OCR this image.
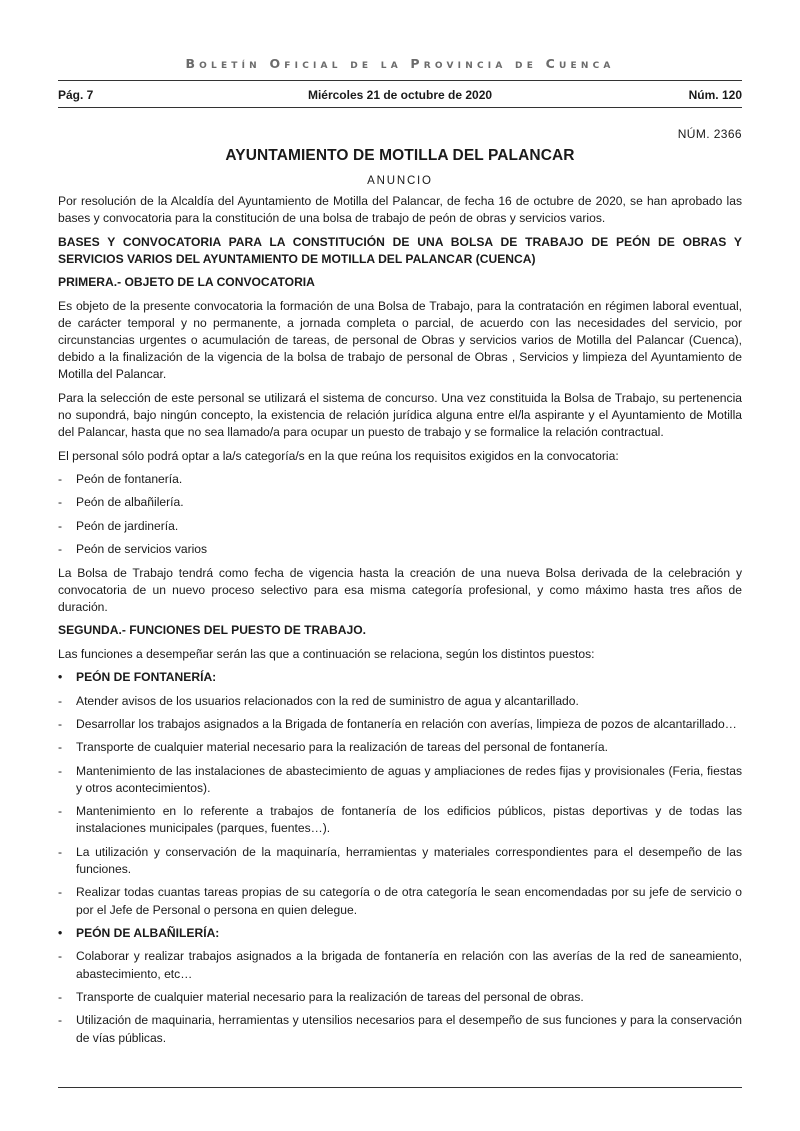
Boletín Oficial de la Provincia de Cuenca
Miércoles 21 de octubre de 2020
Pág. 7	Núm. 120
NÚM. 2366
AYUNTAMIENTO DE MOTILLA DEL PALANCAR
ANUNCIO

Por resolución de la Alcaldía del Ayuntamiento de Motilla del Palancar, de fecha 16 de octubre de 2020, se han aprobado las bases y convocatoria para la constitución de una bolsa de trabajo de peón de obras y servicios varios.

BASES Y CONVOCATORIA PARA LA CONSTITUCIÓN DE UNA BOLSA DE TRABAJO DE PEÓN DE OBRAS Y SERVICIOS VARIOS DEL AYUNTAMIENTO DE MOTILLA DEL PALANCAR (CUENCA)

PRIMERA.- OBJETO DE LA CONVOCATORIA

Es objeto de la presente convocatoria la formación de una Bolsa de Trabajo, para la contratación en régimen laboral eventual, de carácter temporal y no permanente, a jornada completa o parcial, de acuerdo con las necesidades del servicio, por circunstancias urgentes o acumulación de tareas, de personal de Obras y servicios varios de Motilla del Palancar (Cuenca), debido a la finalización de la vigencia de la bolsa de trabajo de personal de Obras , Servicios y limpieza del Ayuntamiento de Motilla del Palancar.

Para la selección de este personal se utilizará el sistema de concurso. Una vez constituida la Bolsa de Trabajo, su pertenencia no supondrá, bajo ningún concepto, la existencia de relación jurídica alguna entre el/la aspirante y el Ayuntamiento de Motilla del Palancar, hasta que no sea llamado/a para ocupar un puesto de trabajo y se formalice la relación contractual.

El personal sólo podrá optar a la/s categoría/s en la que reúna los requisitos exigidos en la convocatoria:

- Peón de fontanería.

- Peón de albañilería.

- Peón de jardinería.

- Peón de servicios varios

La Bolsa de Trabajo tendrá como fecha de vigencia hasta la creación de una nueva Bolsa derivada de la celebración y convocatoria de un nuevo proceso selectivo para esa misma categoría profesional, y como máximo hasta tres años de duración.

SEGUNDA.- FUNCIONES DEL PUESTO DE TRABAJO.

Las funciones a desempeñar serán las que a continuación se relaciona, según los distintos puestos:

• PEÓN DE FONTANERÍA:

- Atender avisos de los usuarios relacionados con la red de suministro de agua y alcantarillado.

- Desarrollar los trabajos asignados a la Brigada de fontanería en relación con averías, limpieza de pozos de alcantarillado…

- Transporte de cualquier material necesario para la realización de tareas del personal de fontanería.

- Mantenimiento de las instalaciones de abastecimiento de aguas y ampliaciones de redes fijas y provisionales (Feria, fiestas y otros acontecimientos).

- Mantenimiento en lo referente a trabajos de fontanería de los edificios públicos, pistas deportivas y de todas las instalaciones municipales (parques, fuentes…).

- La utilización y conservación de la maquinaría, herramientas y materiales correspondientes para el desempeño de las funciones.

- Realizar todas cuantas tareas propias de su categoría o de otra categoría le sean encomendadas por su jefe de servicio o por el Jefe de Personal o persona en quien delegue.

• PEÓN DE ALBAÑILERÍA:

- Colaborar y realizar trabajos asignados a la brigada de fontanería en relación con las averías de la red de saneamiento, abastecimiento, etc…

- Transporte de cualquier material necesario para la realización de tareas del personal de obras.

- Utilización de maquinaria, herramientas y utensilios necesarios para el desempeño de sus funciones y para la conservación de vías públicas.
